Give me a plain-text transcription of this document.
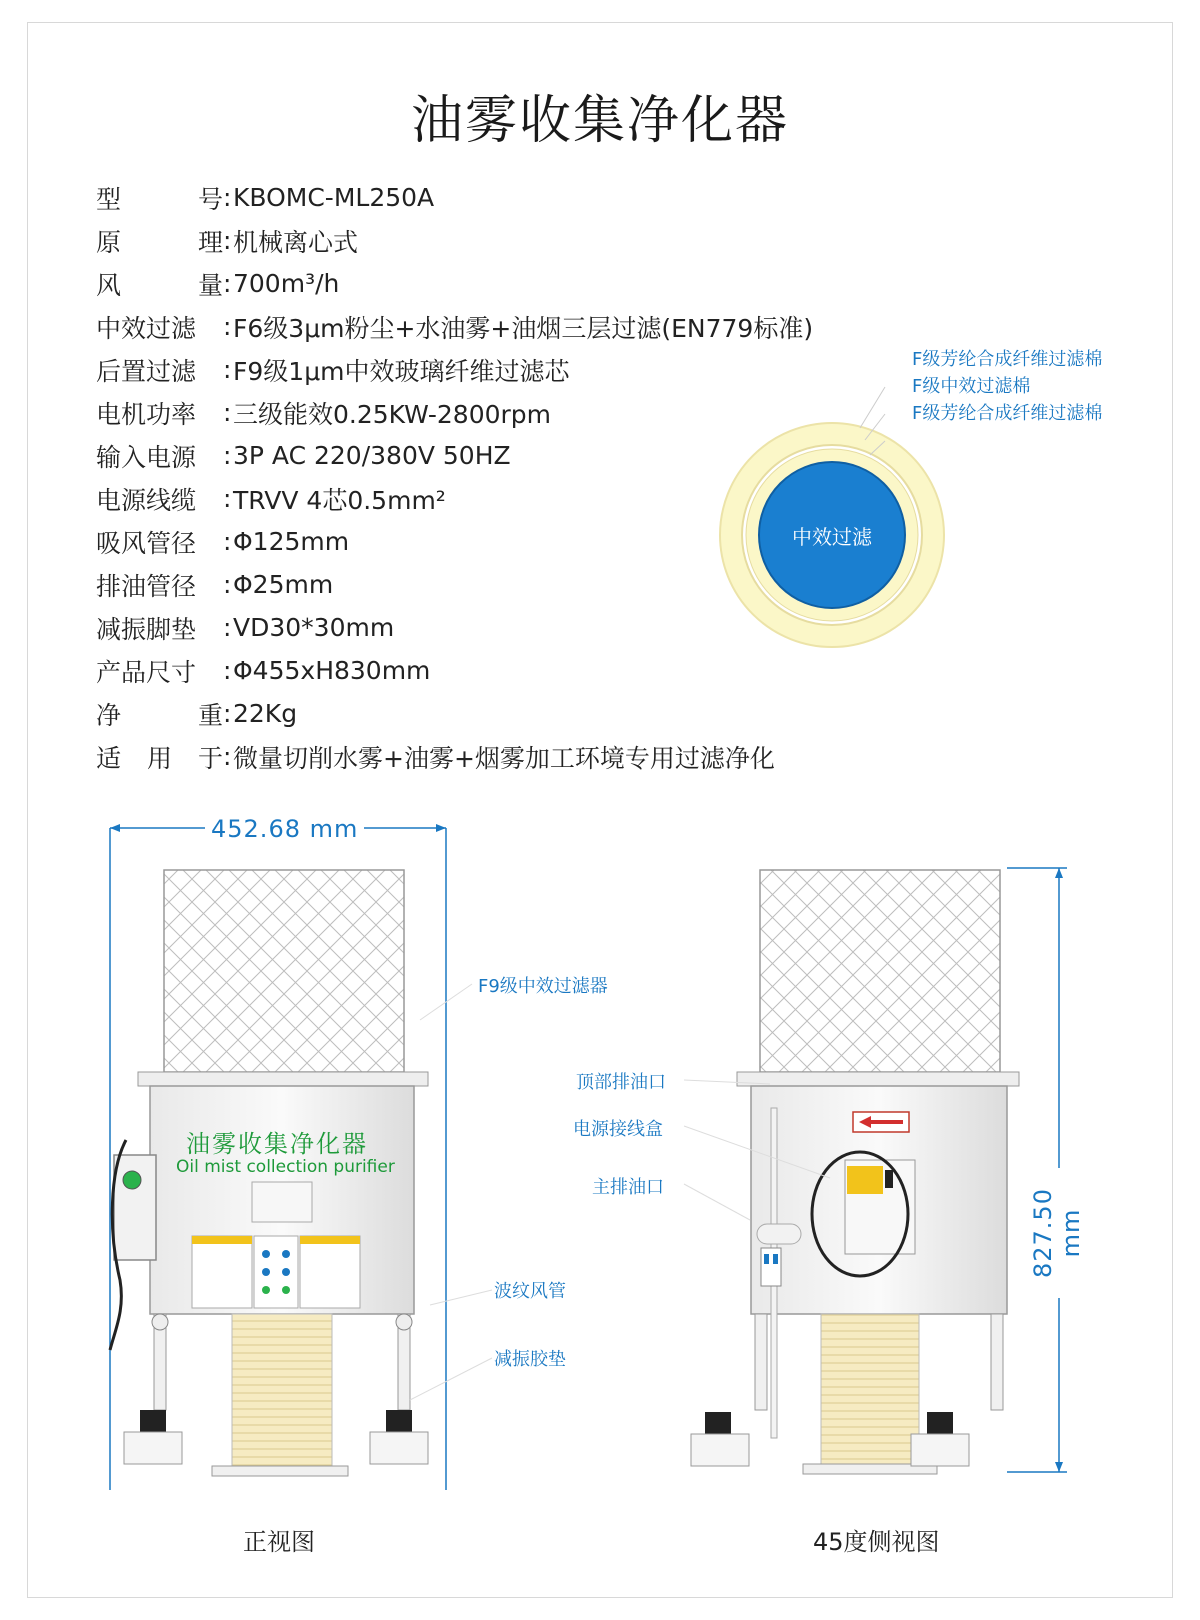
油雾收集净化器
型	号 : KBOMC-ML250A
原	理 : 机械离心式
风	量 : 700m³/h
中效过滤 : F6级3μm粉尘+水油雾+油烟三层过滤(EN779标准)
后置过滤 : F9级1μm中效玻璃纤维过滤芯
电机功率 : 三级能效0.25KW-2800rpm
输入电源 : 3P AC 220/380V 50HZ
电源线缆 : TRVV 4芯0.5mm²
吸风管径 : Φ125mm
排油管径 : Φ25mm
减振脚垫 : VD30*30mm
产品尺寸 : Φ455xH830mm
净	重 : 22Kg
适 用 于 : 微量切削水雾+油雾+烟雾加工环境专用过滤净化
F级芳纶合成纤维过滤棉
F级中效过滤棉
F级芳纶合成纤维过滤棉
中效过滤
452.68 mm
油雾收集净化器
Oil mist collection purifier
F9级中效过滤器
波纹风管
减振胶垫
827.50 mm
顶部排油口
电源接线盒
主排油口
正视图	45度侧视图
